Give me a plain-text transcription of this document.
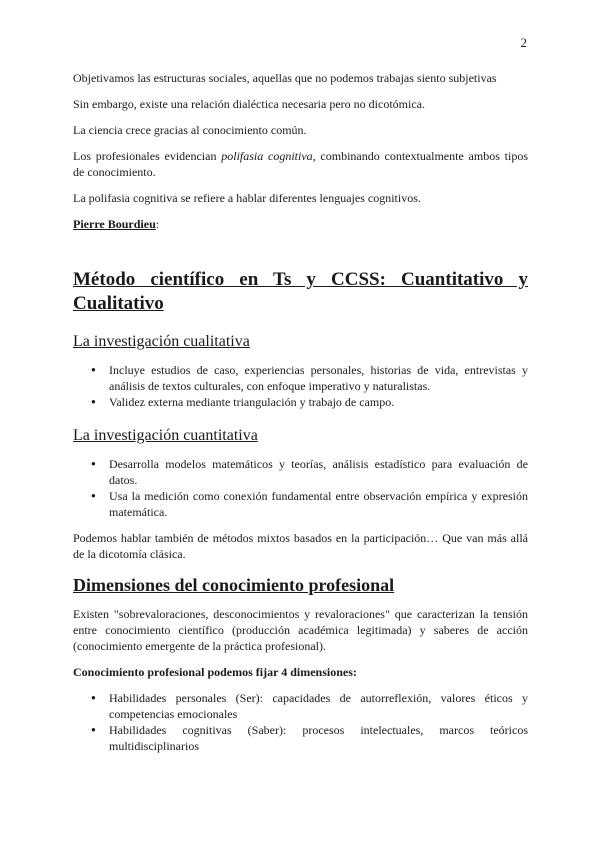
2

Objetivamos las estructuras sociales, aquellas que no podemos trabajas siento subjetivas

Sin embargo, existe una relación dialéctica necesaria pero no dicotómica.

La ciencia crece gracias al conocimiento común.

Los profesionales evidencian polifasia cognitiva, combinando contextualmente ambos tipos de conocimiento.

La polifasia cognitiva se refiere a hablar diferentes lenguajes cognitivos.

Pierre Bourdieu:

Método científico en Ts y CCSS: Cuantitativo y
Cualitativo
La investigación cualitativa
● Incluye estudios de caso, experiencias personales, historias de vida, entrevistas y análisis de textos culturales, con enfoque imperativo y naturalistas.
● Validez externa mediante triangulación y trabajo de campo.
La investigación cuantitativa
● Desarrolla modelos matemáticos y teorías, análisis estadístico para evaluación de datos.
● Usa la medición como conexión fundamental entre observación empírica y expresión matemática.

Podemos hablar también de métodos mixtos basados en la participación… Que van más allá de la dicotomía clásica.

Dimensiones del conocimiento profesional

Existen "sobrevaloraciones, desconocimientos y revaloraciones" que caracterizan la tensión entre conocimiento científico (producción académica legitimada) y saberes de acción (conocimiento emergente de la práctica profesional).

Conocimiento profesional podemos fijar 4 dimensiones:

● Habilidades personales (Ser): capacidades de autorreflexión, valores éticos y competencias emocionales
● Habilidades cognitivas (Saber): procesos intelectuales, marcos teóricos multidisciplinarios
